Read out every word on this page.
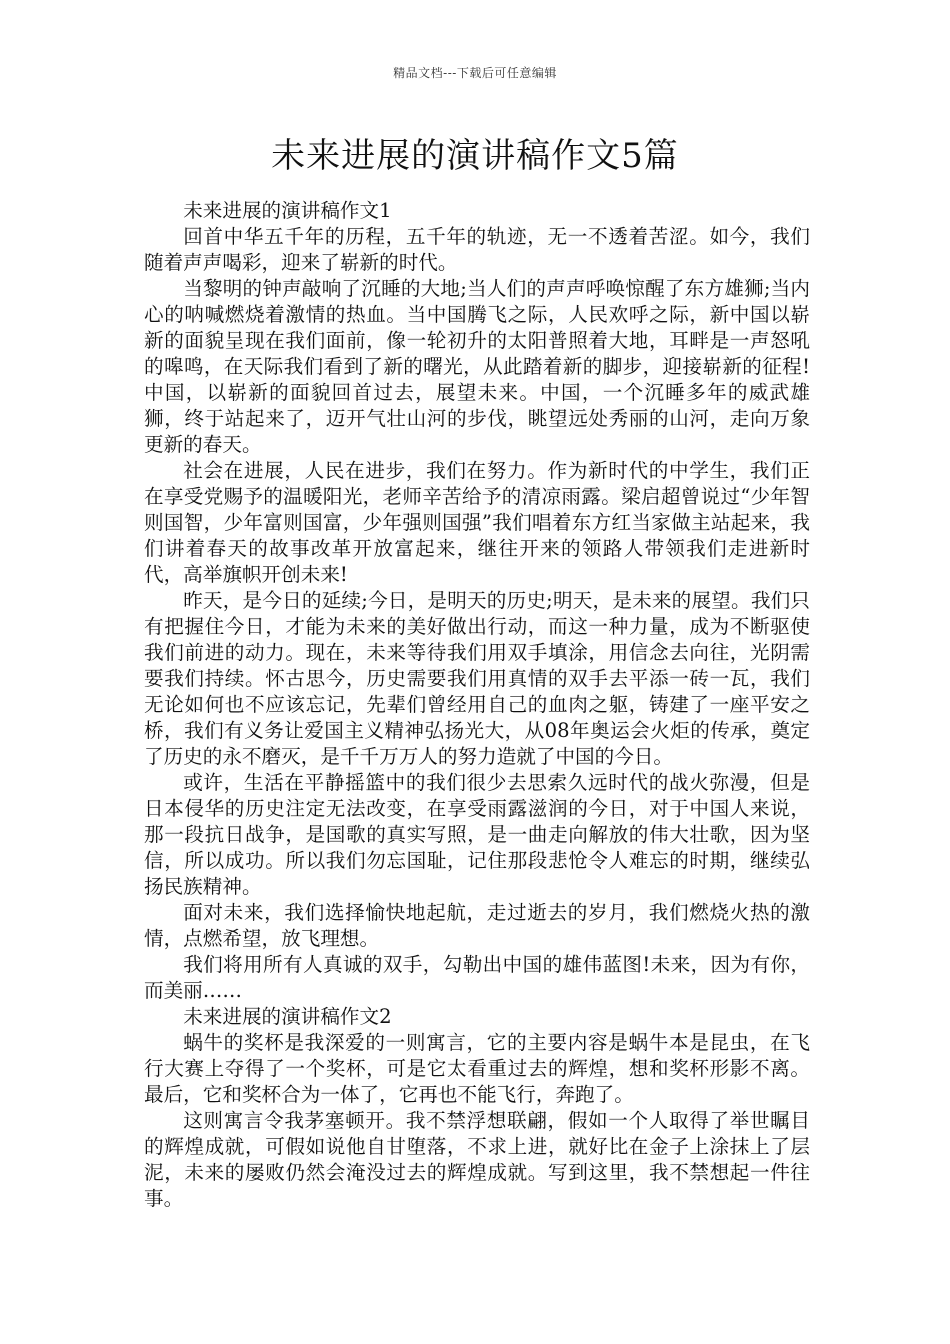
精品文档---下载后可任意编辑
未来进展的演讲稿作文5篇
未来进展的演讲稿作文1

回首中华五千年的历程，五千年的轨迹，无一不透着苦涩。如今，我们随着声声喝彩，迎来了崭新的时代。

当黎明的钟声敲响了沉睡的大地;当人们的声声呼唤惊醒了东方雄狮;当内心的呐喊燃烧着激情的热血。当中国腾飞之际，人民欢呼之际，新中国以崭新的面貌呈现在我们面前，像一轮初升的太阳普照着大地，耳畔是一声怒吼的嗥鸣，在天际我们看到了新的曙光，从此踏着新的脚步，迎接崭新的征程!中国，以崭新的面貌回首过去，展望未来。中国，一个沉睡多年的威武雄狮，终于站起来了，迈开气壮山河的步伐，眺望远处秀丽的山河，走向万象更新的春天。

社会在进展，人民在进步，我们在努力。作为新时代的中学生，我们正在享受党赐予的温暖阳光，老师辛苦给予的清凉雨露。梁启超曾说过“少年智则国智，少年富则国富，少年强则国强”我们唱着东方红当家做主站起来，我们讲着春天的故事改革开放富起来，继往开来的领路人带领我们走进新时代，高举旗帜开创未来!

昨天，是今日的延续;今日，是明天的历史;明天，是未来的展望。我们只有把握住今日，才能为未来的美好做出行动，而这一种力量，成为不断驱使我们前进的动力。现在，未来等待我们用双手填涂，用信念去向往，光阴需要我们持续。怀古思今，历史需要我们用真情的双手去平添一砖一瓦，我们无论如何也不应该忘记，先辈们曾经用自己的血肉之躯，铸建了一座平安之桥，我们有义务让爱国主义精神弘扬光大，从08年奥运会火炬的传承，奠定了历史的永不磨灭，是千千万万人的努力造就了中国的今日。

或许，生活在平静摇篮中的我们很少去思索久远时代的战火弥漫，但是日本侵华的历史注定无法改变，在享受雨露滋润的今日，对于中国人来说，那一段抗日战争，是国歌的真实写照，是一曲走向解放的伟大壮歌，因为坚信，所以成功。所以我们勿忘国耻，记住那段悲怆令人难忘的时期，继续弘扬民族精神。

面对未来，我们选择愉快地起航，走过逝去的岁月，我们燃烧火热的激情，点燃希望，放飞理想。

我们将用所有人真诚的双手，勾勒出中国的雄伟蓝图!未来，因为有你，而美丽……

未来进展的演讲稿作文2

蜗牛的奖杯是我深爱的一则寓言，它的主要内容是蜗牛本是昆虫，在飞行大赛上夺得了一个奖杯，可是它太看重过去的辉煌，想和奖杯形影不离。最后，它和奖杯合为一体了，它再也不能飞行，奔跑了。

这则寓言令我茅塞顿开。我不禁浮想联翩，假如一个人取得了举世瞩目的辉煌成就，可假如说他自甘堕落，不求上进，就好比在金子上涂抹上了层泥，未来的屡败仍然会淹没过去的辉煌成就。写到这里，我不禁想起一件往事。
